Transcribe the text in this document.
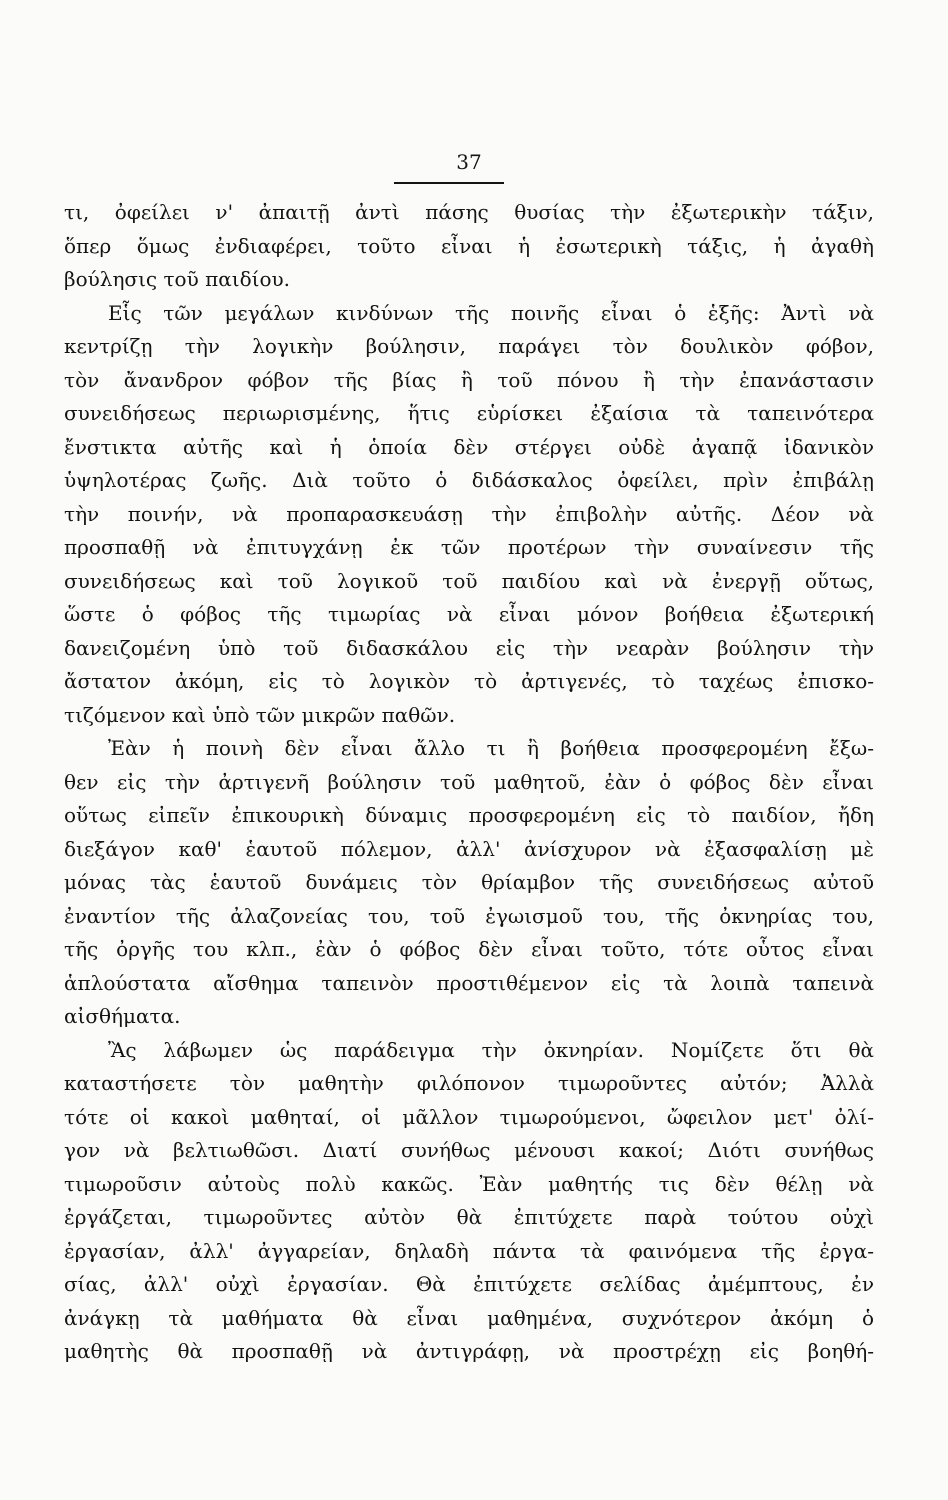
37
τι, ὀφείλει ν' ἀπαιτῇ ἀντὶ πάσης θυσίας τὴν ἐξωτερικὴν τάξιν,
ὅπερ ὅμως ἐνδιαφέρει, τοῦτο εἶναι ἡ ἐσωτερικὴ τάξις, ἡ ἀγαθὴ
βούλησις τοῦ παιδίου.
Εἷς τῶν μεγάλων κινδύνων τῆς ποινῆς εἶναι ὁ ἑξῆς: Ἀντὶ νὰ
κεντρίζῃ τὴν λογικὴν βούλησιν, παράγει τὸν δουλικὸν φόβον,
τὸν ἄνανδρον φόβον τῆς βίας ἢ τοῦ πόνου ἢ τὴν ἐπανάστασιν
συνειδήσεως περιωρισμένης, ἥτις εὑρίσκει ἐξαίσια τὰ ταπεινότερα
ἔνστικτα αὐτῆς καὶ ἡ ὁποία δὲν στέργει οὐδὲ ἀγαπᾷ ἰδανικὸν
ὑψηλοτέρας ζωῆς. Διὰ τοῦτο ὁ διδάσκαλος ὀφείλει, πρὶν ἐπιβάλῃ
τὴν ποινήν, νὰ προπαρασκευάσῃ τὴν ἐπιβολὴν αὐτῆς. Δέον νὰ
προσπαθῇ νὰ ἐπιτυγχάνῃ ἐκ τῶν προτέρων τὴν συναίνεσιν τῆς
συνειδήσεως καὶ τοῦ λογικοῦ τοῦ παιδίου καὶ νὰ ἐνεργῇ οὕτως,
ὥστε ὁ φόβος τῆς τιμωρίας νὰ εἶναι μόνον βοήθεια ἐξωτερική
δανειζομένη ὑπὸ τοῦ διδασκάλου εἰς τὴν νεαρὰν βούλησιν τὴν
ἄστατον ἀκόμη, εἰς τὸ λογικὸν τὸ ἀρτιγενές, τὸ ταχέως ἐπισκο-
τιζόμενον καὶ ὑπὸ τῶν μικρῶν παθῶν.
Ἐὰν ἡ ποινὴ δὲν εἶναι ἄλλο τι ἢ βοήθεια προσφερομένη ἔξω-
θεν εἰς τὴν ἀρτιγενῆ βούλησιν τοῦ μαθητοῦ, ἐὰν ὁ φόβος δὲν εἶναι
οὕτως εἰπεῖν ἐπικουρικὴ δύναμις προσφερομένη εἰς τὸ παιδίον, ἤδη
διεξάγον καθ' ἑαυτοῦ πόλεμον, ἀλλ' ἀνίσχυρον νὰ ἐξασφαλίσῃ μὲ
μόνας τὰς ἑαυτοῦ δυνάμεις τὸν θρίαμβον τῆς συνειδήσεως αὐτοῦ
ἐναντίον τῆς ἀλαζονείας του, τοῦ ἐγωισμοῦ του, τῆς ὀκνηρίας του,
τῆς ὀργῆς του κλπ., ἐὰν ὁ φόβος δὲν εἶναι τοῦτο, τότε οὗτος εἶναι
ἁπλούστατα αἴσθημα ταπεινὸν προστιθέμενον εἰς τὰ λοιπὰ ταπεινὰ
αἰσθήματα.
Ἂς λάβωμεν ὡς παράδειγμα τὴν ὀκνηρίαν. Νομίζετε ὅτι θὰ
καταστήσετε τὸν μαθητὴν φιλόπονον τιμωροῦντες αὐτόν; Ἀλλὰ
τότε οἱ κακοὶ μαθηταί, οἱ μᾶλλον τιμωρούμενοι, ὤφειλον μετ' ὀλί-
γον νὰ βελτιωθῶσι. Διατί συνήθως μένουσι κακοί; Διότι συνήθως
τιμωροῦσιν αὐτοὺς πολὺ κακῶς. Ἐὰν μαθητής τις δὲν θέλῃ νὰ
ἐργάζεται, τιμωροῦντες αὐτὸν θὰ ἐπιτύχετε παρὰ τούτου οὐχὶ
ἐργασίαν, ἀλλ' ἀγγαρείαν, δηλαδὴ πάντα τὰ φαινόμενα τῆς ἐργα-
σίας, ἀλλ' οὐχὶ ἐργασίαν. Θὰ ἐπιτύχετε σελίδας ἀμέμπτους, ἐν
ἀνάγκῃ τὰ μαθήματα θὰ εἶναι μαθημένα, συχνότερον ἀκόμη ὁ
μαθητὴς θὰ προσπαθῇ νὰ ἀντιγράφῃ, νὰ προστρέχῃ εἰς βοηθή-
